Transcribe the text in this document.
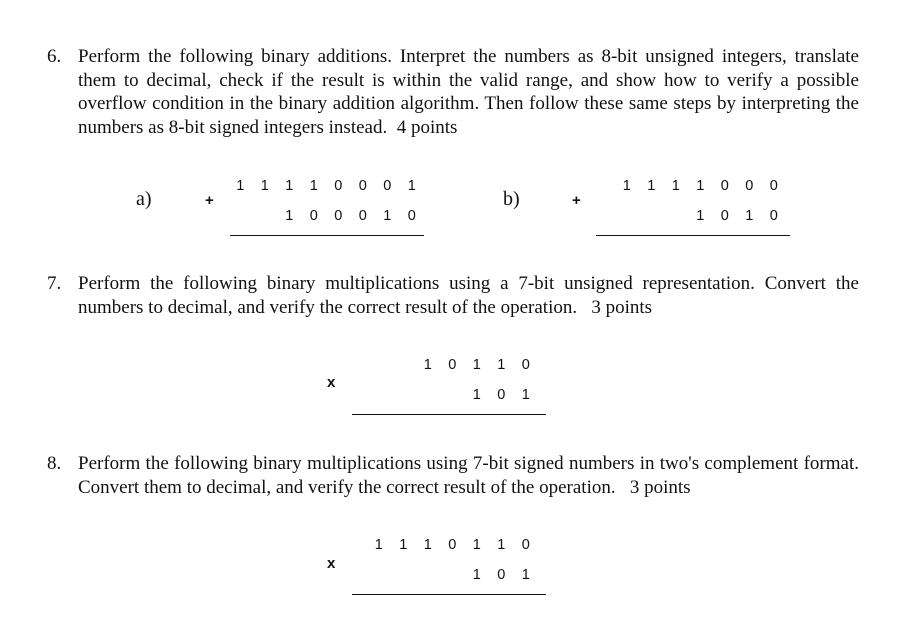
6. Perform the following binary additions. Interpret the numbers as 8-bit unsigned integers, translate them to decimal, check if the result is within the valid range, and show how to verify a possible overflow condition in the binary addition algorithm. Then follow these same steps by interpreting the numbers as 8-bit signed integers instead. 4 points
a)	+
1 1 1 1 0 0 0 1
1 0 0 0 1 0
b)	+
1 1 1 1 0 0 0
1 0 1 0
7. Perform the following binary multiplications using a 7-bit unsigned representation. Convert the numbers to decimal, and verify the correct result of the operation. 3 points
x
1 0 1 1 0
1 0 1
8. Perform the following binary multiplications using 7-bit signed numbers in two's complement format. Convert them to decimal, and verify the correct result of the operation. 3 points
x
1 1 1 0 1 1 0
1 0 1
